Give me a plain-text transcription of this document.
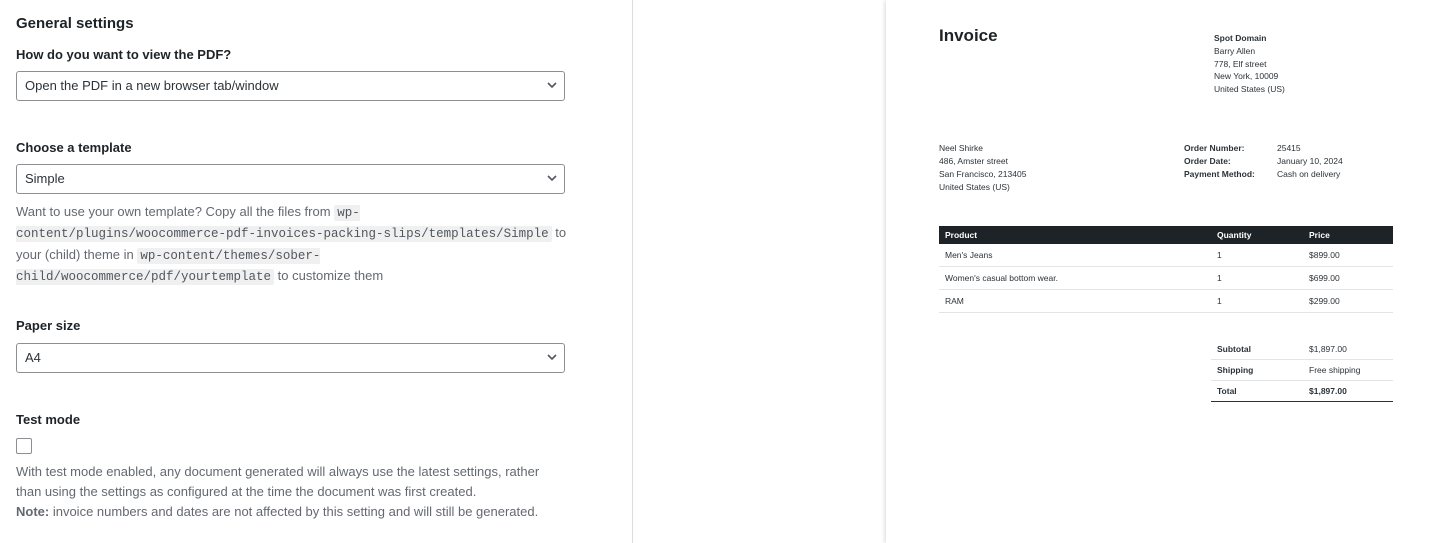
General settings
How do you want to view the PDF?
Open the PDF in a new browser tab/window
Choose a template
Simple

Want to use your own template? Copy all the files from wp-content/plugins/woocommerce-pdf-invoices-packing-slips/templates/Simple to your (child) theme in wp-content/themes/sober-child/woocommerce/pdf/yourtemplate to customize them

Paper size
A4
Test mode

With test mode enabled, any document generated will always use the latest settings, rather than using the settings as configured at the time the document was first created.

Note: invoice numbers and dates are not affected by this setting and will still be generated.

Invoice	Spot Domain
Barry Allen
778, Elf street
New York, 10009
United States (US)
Neel Shirke
486, Amster street
San Francisco, 213405
United States (US)
Order Number:	25415
Order Date:	January 10, 2024
Payment Method:	Cash on delivery
Product	Quantity	Price
Men's Jeans	1	$899.00
Women's casual bottom wear.	1	$699.00
RAM	1	$299.00
Subtotal	$1,897.00
Shipping	Free shipping
Total	$1,897.00
